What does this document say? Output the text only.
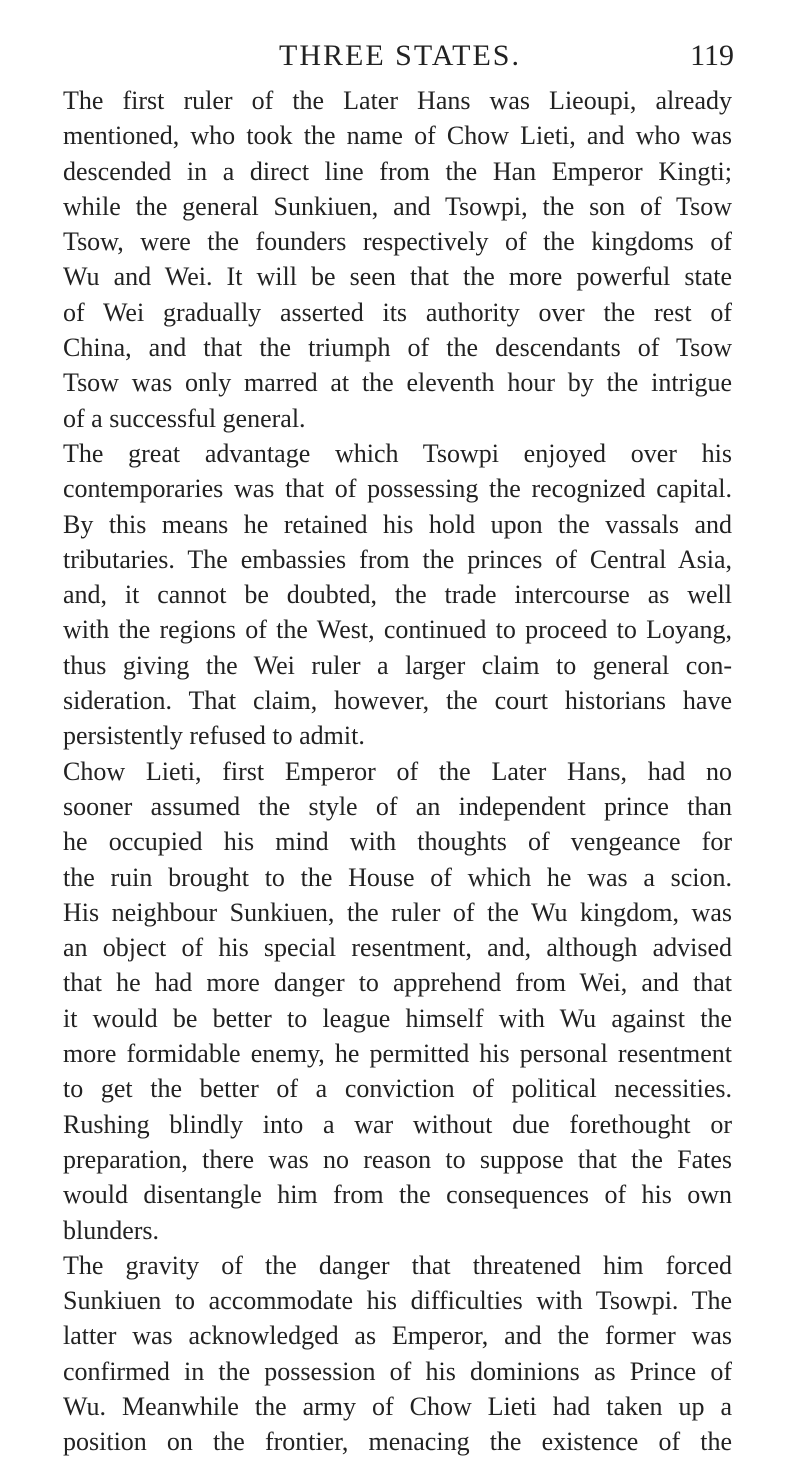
THREE STATES.	119
The first ruler of the Later Hans was Lieoupi, already
mentioned, who took the name of Chow Lieti, and who was
descended in a direct line from the Han Emperor Kingti;
while the general Sunkiuen, and Tsowpi, the son of Tsow
Tsow, were the founders respectively of the kingdoms of
Wu and Wei. It will be seen that the more powerful state
of Wei gradually asserted its authority over the rest of
China, and that the triumph of the descendants of Tsow
Tsow was only marred at the eleventh hour by the intrigue
of a successful general.
The great advantage which Tsowpi enjoyed over his
contemporaries was that of possessing the recognized capital.
By this means he retained his hold upon the vassals and
tributaries. The embassies from the princes of Central Asia,
and, it cannot be doubted, the trade intercourse as well
with the regions of the West, continued to proceed to Loyang,
thus giving the Wei ruler a larger claim to general con-
sideration. That claim, however, the court historians have
persistently refused to admit.
Chow Lieti, first Emperor of the Later Hans, had no
sooner assumed the style of an independent prince than
he occupied his mind with thoughts of vengeance for
the ruin brought to the House of which he was a scion.
His neighbour Sunkiuen, the ruler of the Wu kingdom, was
an object of his special resentment, and, although advised
that he had more danger to apprehend from Wei, and that
it would be better to league himself with Wu against the
more formidable enemy, he permitted his personal resentment
to get the better of a conviction of political necessities.
Rushing blindly into a war without due forethought or
preparation, there was no reason to suppose that the Fates
would disentangle him from the consequences of his own
blunders.
The gravity of the danger that threatened him forced
Sunkiuen to accommodate his difficulties with Tsowpi. The
latter was acknowledged as Emperor, and the former was
confirmed in the possession of his dominions as Prince of
Wu. Meanwhile the army of Chow Lieti had taken up a
position on the frontier, menacing the existence of the
